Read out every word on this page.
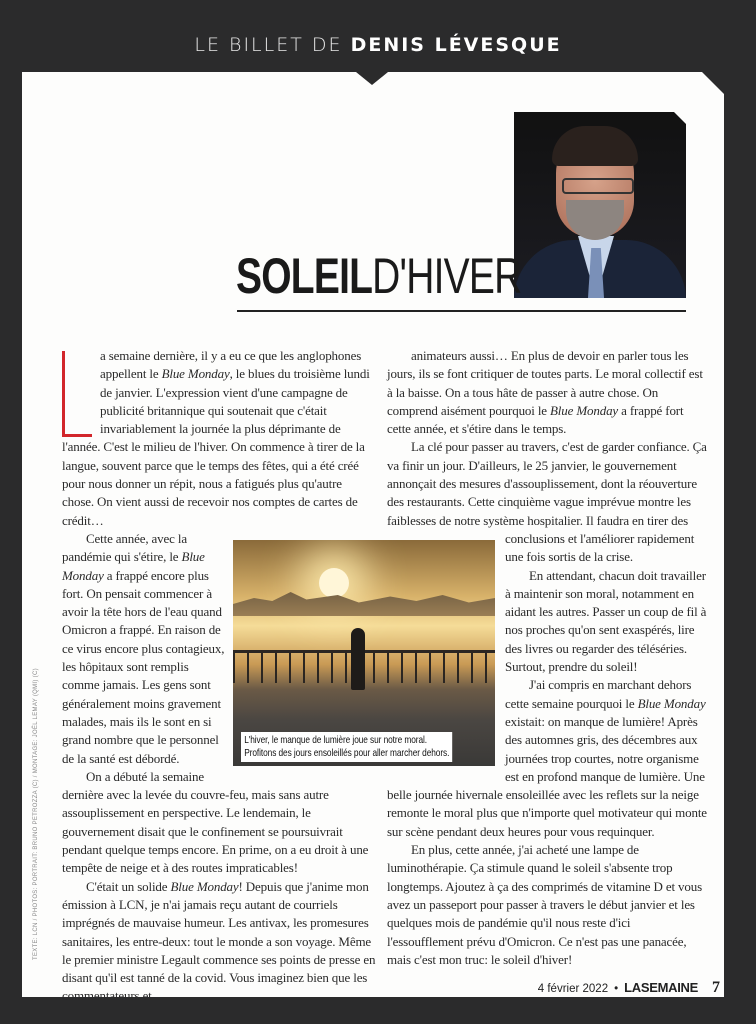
LE BILLET DE DENIS LÉVESQUE
SOLEILD'HIVER

a semaine dernière, il y a eu ce que les anglophones appellent le Blue Monday, le blues du troisième lundi de janvier. L'expression vient d'une campagne de publicité britannique qui soutenait que c'était invariablement la journée la plus déprimante de l'année. C'est le milieu de l'hiver. On commence à tirer de la langue, souvent parce que le temps des fêtes, qui a été créé pour nous donner un répit, nous a fatigués plus qu'autre chose. On vient aussi de recevoir nos comptes de cartes de crédit…

Cette année, avec la pandémie qui s'étire, le Blue Monday a frappé encore plus fort. On pensait commencer à avoir la tête hors de l'eau quand Omicron a frappé. En raison de ce virus encore plus contagieux, les hôpitaux sont remplis comme jamais. Les gens sont généralement moins gravement malades, mais ils le sont en si grand nombre que le personnel de la santé est débordé.

On a débuté la semaine dernière avec la levée du couvre-feu, mais sans autre assouplissement en perspective. Le lendemain, le gouvernement disait que le confinement se poursuivrait pendant quelque temps encore. En prime, on a eu droit à une tempête de neige et à des routes impraticables!

C'était un solide Blue Monday! Depuis que j'anime mon émission à LCN, je n'ai jamais reçu autant de courriels imprégnés de mauvaise humeur. Les antivax, les promesures sanitaires, les entre-deux: tout le monde a son voyage. Même le premier ministre Legault commence ses points de presse en disant qu'il est tanné de la covid. Vous imaginez bien que les commentateurs et

animateurs aussi… En plus de devoir en parler tous les jours, ils se font critiquer de toutes parts. Le moral collectif est à la baisse. On a tous hâte de passer à autre chose. On comprend aisément pourquoi le Blue Monday a frappé fort cette année, et s'étire dans le temps.

La clé pour passer au travers, c'est de garder confiance. Ça va finir un jour. D'ailleurs, le 25 janvier, le gouvernement annonçait des mesures d'assouplissement, dont la réouverture des restaurants. Cette cinquième vague imprévue montre les faiblesses de notre système hospitalier. Il faudra en tirer des conclusions et l'améliorer rapidement une fois sortis de la crise.

En attendant, chacun doit travailler à maintenir son moral, notamment en aidant les autres. Passer un coup de fil à nos proches qu'on sent exaspérés, lire des livres ou regarder des téléséries. Surtout, prendre du soleil!

J'ai compris en marchant dehors cette semaine pourquoi le Blue Monday existait: on manque de lumière! Après des automnes gris, des décembres aux journées trop courtes, notre organisme est en profond manque de lumière. Une belle journée hivernale ensoleillée avec les reflets sur la neige remonte le moral plus que n'importe quel motivateur qui monte sur scène pendant deux heures pour vous requinquer.

En plus, cette année, j'ai acheté une lampe de luminothérapie. Ça stimule quand le soleil s'absente trop longtemps. Ajoutez à ça des comprimés de vitamine D et vous avez un passeport pour passer à travers le début janvier et les quelques mois de pandémie qu'il nous reste d'ici l'essoufflement prévu d'Omicron. Ce n'est pas une panacée, mais c'est mon truc: le soleil d'hiver!

L'hiver, le manque de lumière joue sur notre moral.
Profitons des jours ensoleillés pour aller marcher dehors.
TEXTE: LCN / PHOTOS: PORTRAIT: BRUNO PETROZZA (C) / MONTAGE: JOËL LEMAY (QMI) (C)
4 février 2022 • LASEMAINE 7
